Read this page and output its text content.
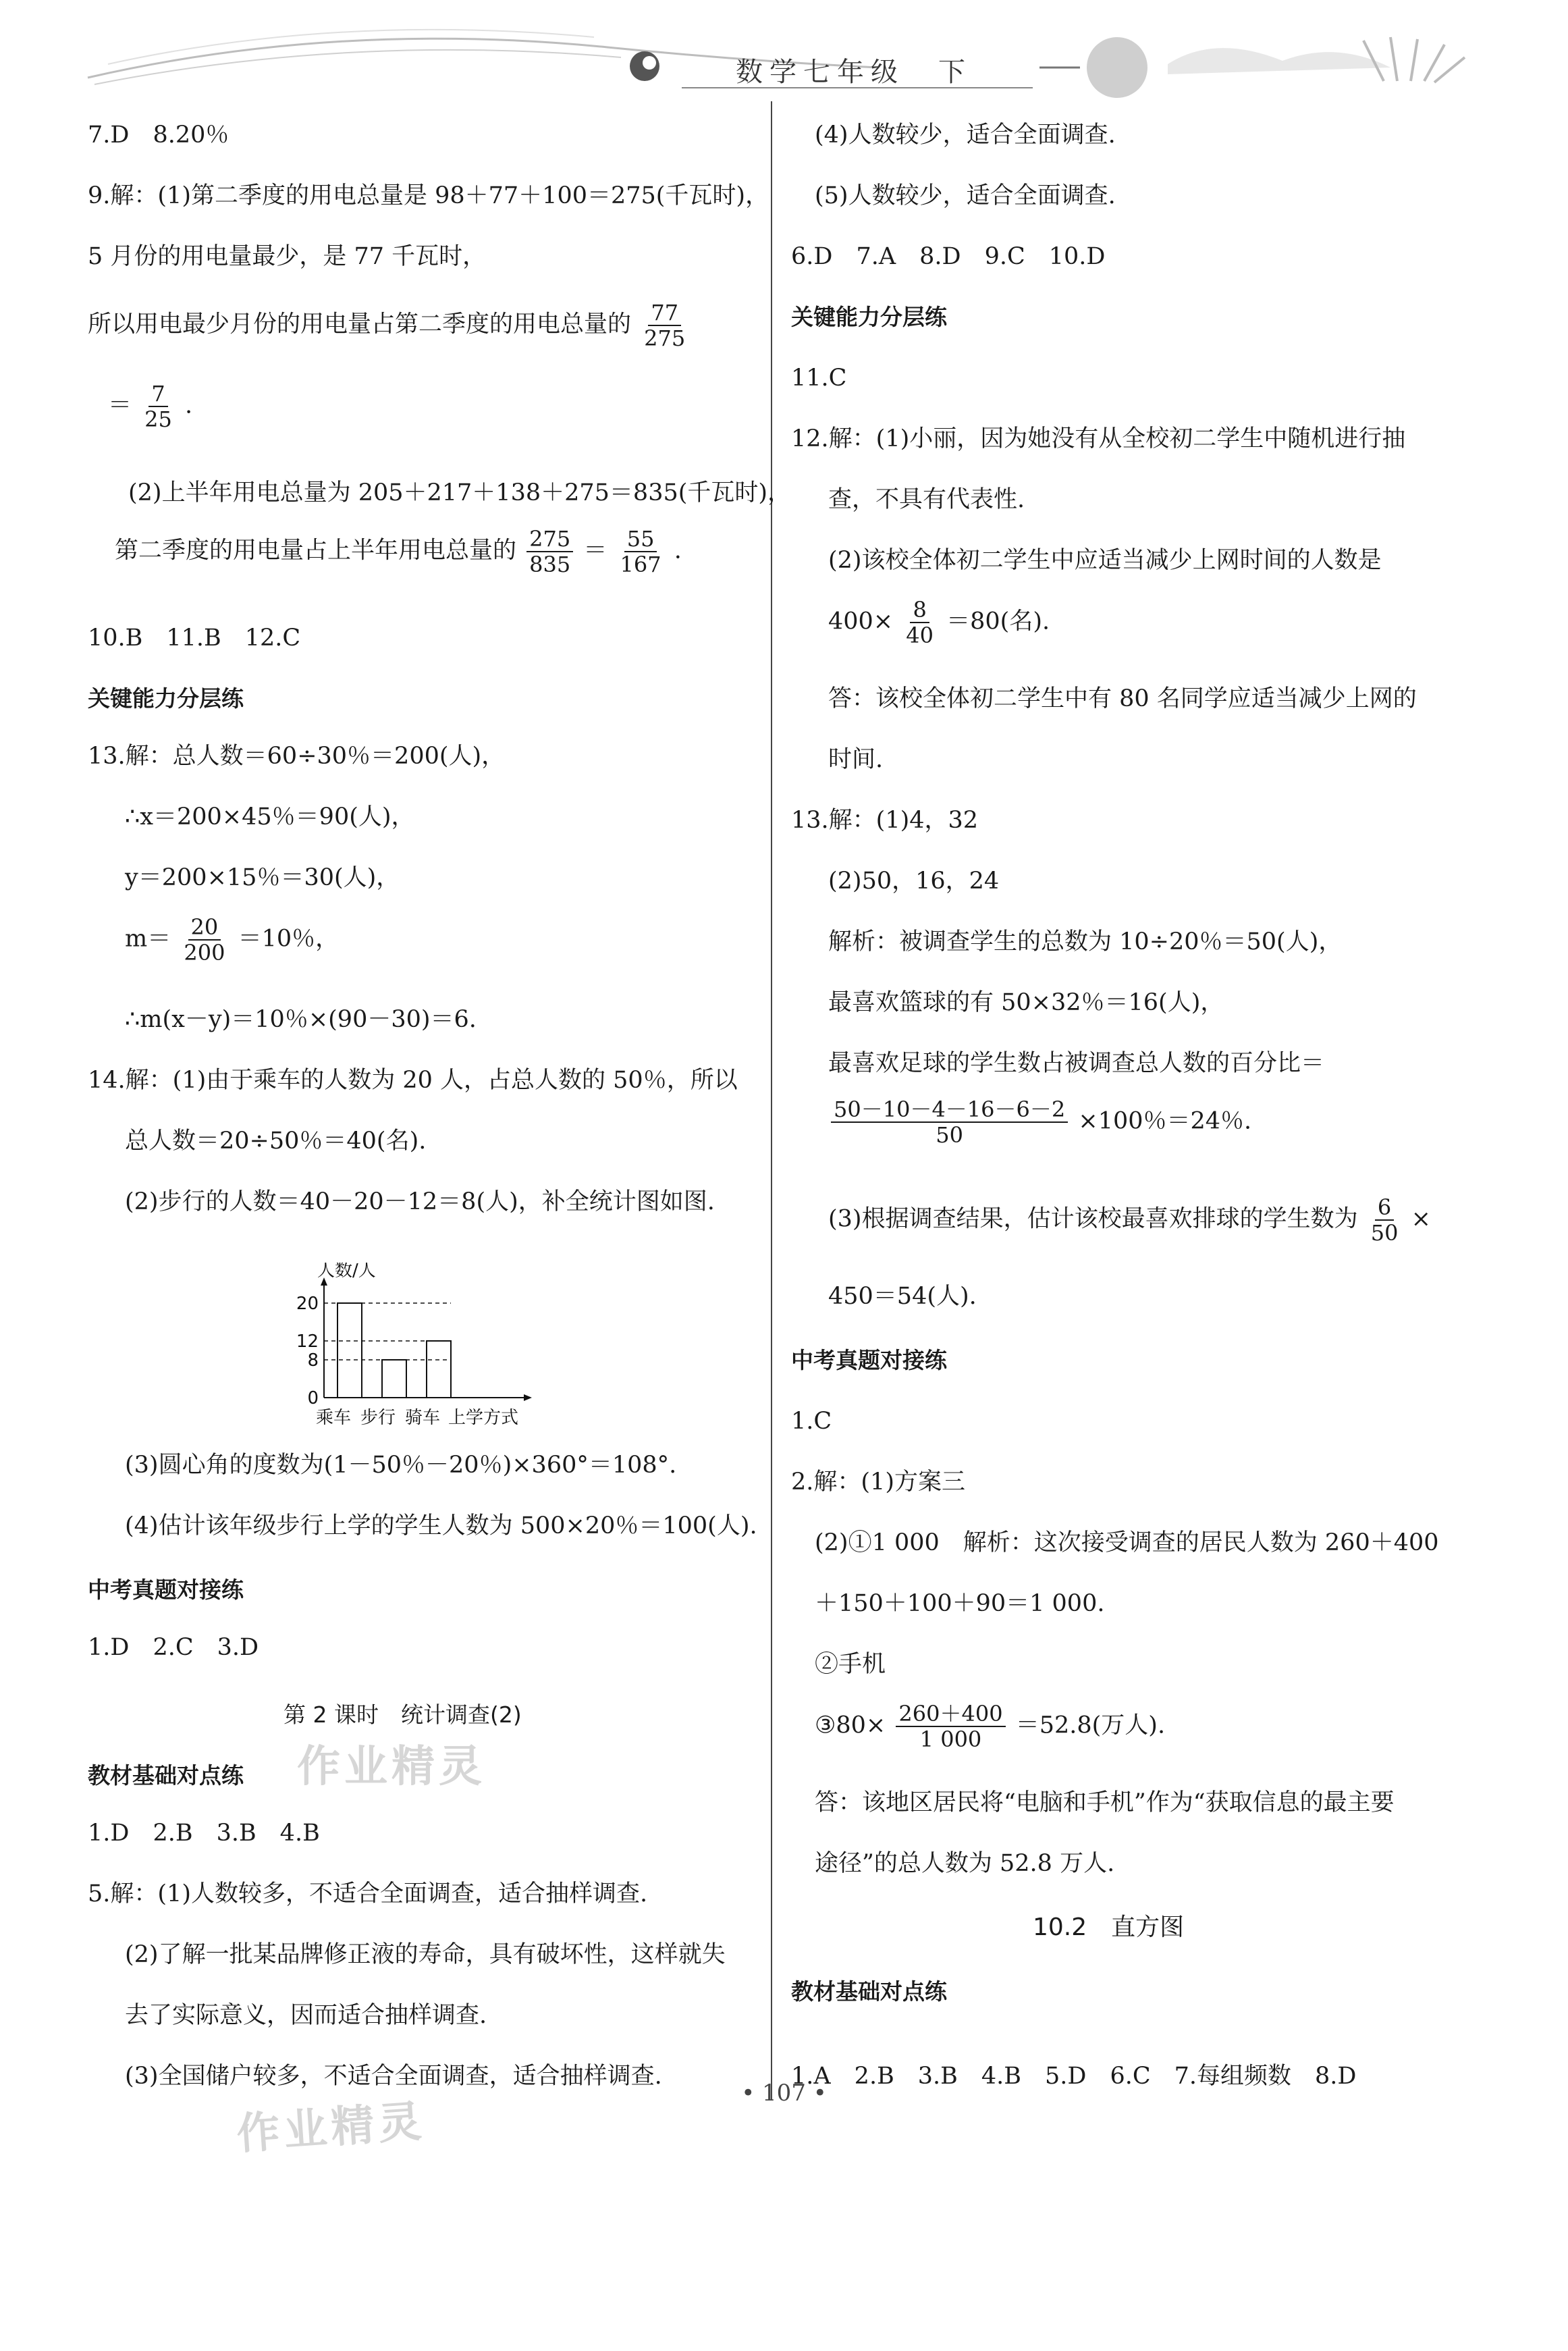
数学七年级　下
7.D　8.20％
9.解：(1)第二季度的用电总量是 98＋77＋100＝275(千瓦时)，
5 月份的用电量最少，是 77 千瓦时，
所以用电最少月份的用电量占第二季度的用电总量的 $\frac{77}{275}$
＝ $\frac{7}{25}$ .
(2)上半年用电总量为 205＋217＋138＋275＝835(千瓦时)，
第二季度的用电量占上半年用电总量的 $\frac{275}{835} = \frac{55}{167}$ .
10.B　11.B　12.C
关键能力分层练
13.解：总人数＝60÷30％＝200(人)，
∴x＝200×45％＝90(人)，
y＝200×15％＝30(人)，
$m= \frac{20}{200} =10$％，
∴m(x－y)＝10％×(90－30)＝6.
14.解：(1)由于乘车的人数为 20 人，占总人数的 50％，所以
总人数＝20÷50％＝40(名).
(2)步行的人数＝40－20－12＝8(人)，补全统计图如图.
(3)圆心角的度数为(1－50％－20％)×360°＝108°.
(4)估计该年级步行上学的学生人数为 500×20％＝100(人).
中考真题对接练
1.D　2.C　3.D
第 2 课时　统计调查(2)
教材基础对点练
1.D　2.B　3.B　4.B
5.解：(1)人数较多，不适合全面调查，适合抽样调查.
(2)了解一批某品牌修正液的寿命，具有破坏性，这样就失
去了实际意义，因而适合抽样调查.
(3)全国储户较多，不适合全面调查，适合抽样调查.
人数/人
0
8
12
20
乘车 步行 骑车 上学方式
(4)人数较少，适合全面调查.
(5)人数较少，适合全面调查.
6.D　7.A　8.D　9.C　10.D
关键能力分层练
11.C
12.解：(1)小丽，因为她没有从全校初二学生中随机进行抽
查，不具有代表性.
(2)该校全体初二学生中应适当减少上网时间的人数是
$400\times \frac{8}{40} =80$(名).
答：该校全体初二学生中有 80 名同学应适当减少上网的
时间.
13.解：(1)4，32
(2)50，16，24
解析：被调查学生的总数为 10÷20％＝50(人)，
最喜欢篮球的有 50×32％＝16(人)，
最喜欢足球的学生数占被调查总人数的百分比＝
$\frac{50-10-4-16-6-2}{50} \times 100$％＝24％.
(3)根据调查结果，估计该校最喜欢排球的学生数为 $\frac{6}{50}$ ×
450＝54(人).
中考真题对接练
1.C
2.解：(1)方案三
(2)①1 000　解析：这次接受调查的居民人数为 260＋400
＋150＋100＋90＝1 000.
②手机
③80× $\frac{260+400}{1 000} =52.8$(万人).
答：该地区居民将“电脑和手机”作为“获取信息的最主要
途径”的总人数为 52.8 万人.
10.2　直方图
教材基础对点练
1.A　2.B　3.B　4.B　5.D　6.C　7.每组频数　8.D
作业精灵
作业精灵
• 107 •
